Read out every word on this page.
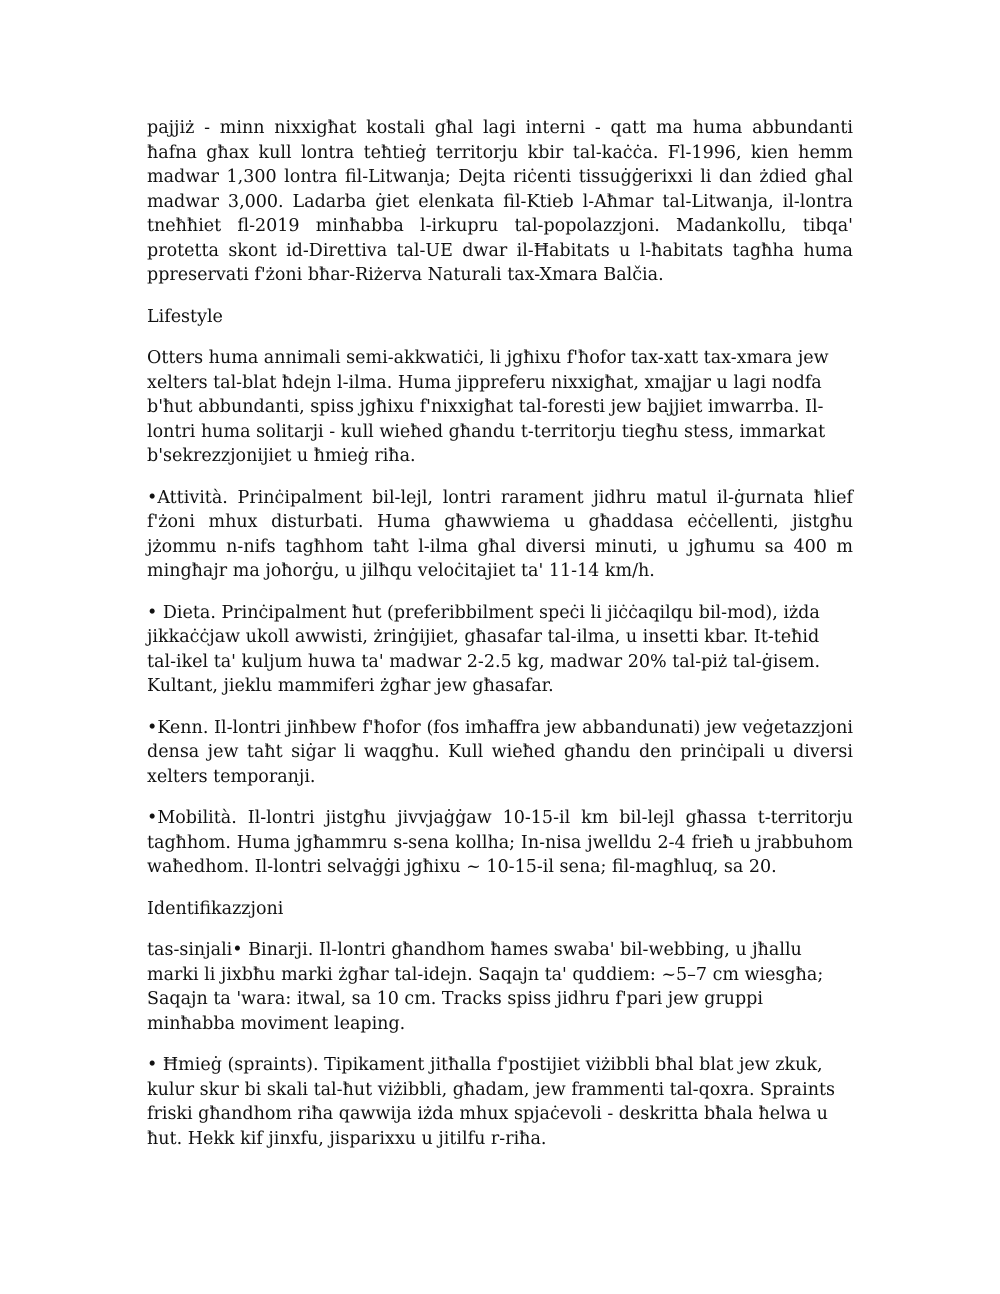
pajjiż - minn nixxigħat kostali għal lagi interni - qatt ma huma abbundanti ħafna għax kull lontra teħtieġ territorju kbir tal-kaċċa. Fl-1996, kien hemm madwar 1,300 lontra fil-Litwanja; Dejta riċenti tissuġġerixxi li dan żdied għal madwar 3,000. Ladarba ġiet elenkata fil-Ktieb l-Aħmar tal-Litwanja, il-lontra tneħħiet fl-2019 minħabba l-irkupru tal-popolazzjoni. Madankollu, tibqa' protetta skont id-Direttiva tal-UE dwar il-Ħabitats u l-ħabitats tagħha huma ppreservati f'żoni bħar-Riżerva Naturali tax-Xmara Balčia.

Lifestyle

Otters huma annimali semi-akkwatiċi, li jgħixu f'ħofor tax-xatt tax-xmara jew xelters tal-blat ħdejn l-ilma. Huma jippreferu nixxigħat, xmajjar u lagi nodfa b'ħut abbundanti, spiss jgħixu f'nixxigħat tal-foresti jew bajjiet imwarrba. Il-lontri huma solitarji - kull wieħed għandu t-territorju tiegħu stess, immarkat b'sekrezzjonijiet u ħmieġ riħa.

•Attività. Prinċipalment bil-lejl, lontri rarament jidhru matul il-ġurnata ħlief f'żoni mhux disturbati. Huma għawwiema u għaddasa eċċellenti, jistgħu jżommu n-nifs tagħhom taħt l-ilma għal diversi minuti, u jgħumu sa 400 m mingħajr ma joħorġu, u jilħqu veloċitajiet ta' 11-14 km/h.

• Dieta. Prinċipalment ħut (preferibbilment speċi li jiċċaqilqu bil-mod), iżda jikkaċċjaw ukoll awwisti, żrinġijiet, għasafar tal-ilma, u insetti kbar. It-teħid tal-ikel ta' kuljum huwa ta' madwar 2-2.5 kg, madwar 20% tal-piż tal-ġisem. Kultant, jieklu mammiferi żgħar jew għasafar.

•Kenn. Il-lontri jinħbew f'ħofor (fos imħaffra jew abbandunati) jew veġetazzjoni densa jew taħt siġar li waqgħu. Kull wieħed għandu den prinċipali u diversi xelters temporanji.

•Mobilità. Il-lontri jistgħu jivvjaġġaw 10-15-il km bil-lejl għassa t-territorju tagħhom. Huma jgħammru s-sena kollha; In-nisa jwelldu 2-4 frieħ u jrabbuhom waħedhom. Il-lontri selvaġġi jgħixu ~ 10-15-il sena; fil-magħluq, sa 20.

Identifikazzjoni

tas-sinjali• Binarji. Il-lontri għandhom ħames swaba' bil-webbing, u jħallu marki li jixbħu marki żgħar tal-idejn. Saqajn ta' quddiem: ~5–7 cm wiesgħa; Saqajn ta 'wara: itwal, sa 10 cm. Tracks spiss jidhru f'pari jew gruppi minħabba moviment leaping.

• Ħmieġ (spraints). Tipikament jitħalla f'postijiet viżibbli bħal blat jew zkuk, kulur skur bi skali tal-ħut viżibbli, għadam, jew frammenti tal-qoxra. Spraints friski għandhom riħa qawwija iżda mhux spjaċevoli - deskritta bħala ħelwa u ħut. Hekk kif jinxfu, jisparixxu u jitilfu r-riħa.
